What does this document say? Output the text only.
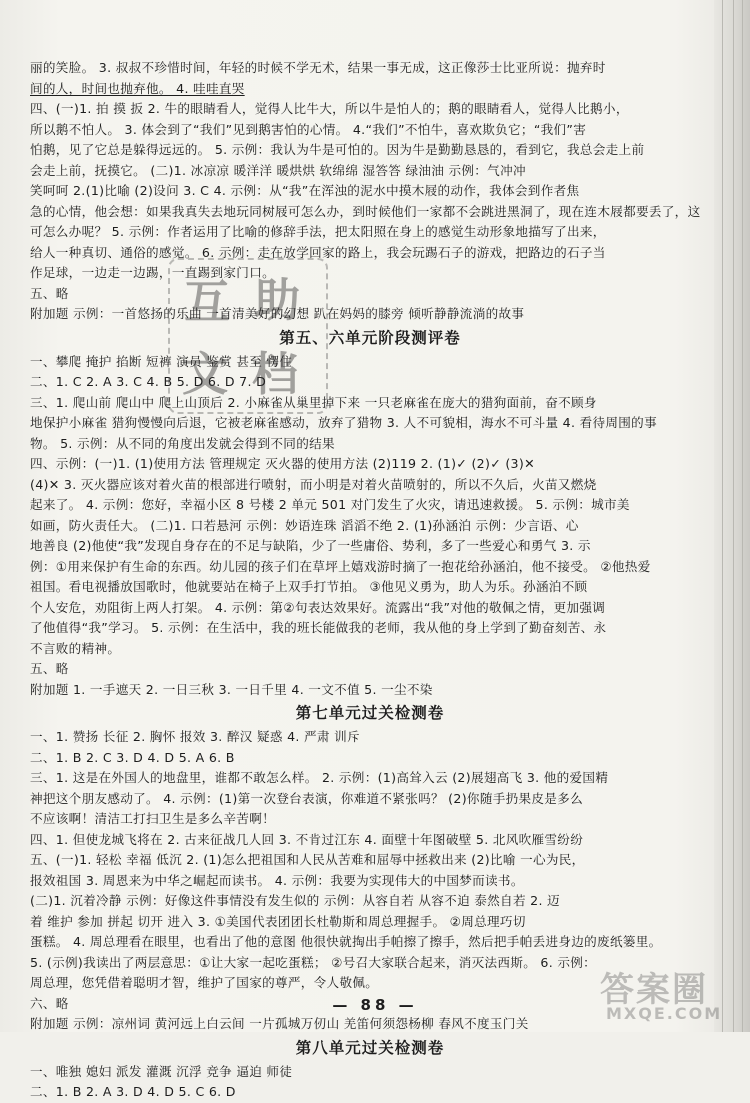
丽的笑脸。 3. 叔叔不珍惜时间，年轻的时候不学无术，结果一事无成，这正像莎士比亚所说：抛弃时
间的人，时间也抛弃他。 4. 哇哇直哭
四、(一)1. 拍 摸 扳 2. 牛的眼睛看人，觉得人比牛大，所以牛是怕人的；鹅的眼睛看人，觉得人比鹅小，
所以鹅不怕人。 3. 体会到了“我们”见到鹅害怕的心情。 4.“我们”不怕牛，喜欢欺负它；“我们”害
怕鹅，见了它总是躲得远远的。 5. 示例：我认为牛是可怕的。因为牛是勤勤恳恳的，看到它，我总会走上前
会走上前，抚摸它。 (二)1. 冰凉凉 暖洋洋 暖烘烘 软绵绵 湿答答 绿油油 示例：气冲冲
笑呵呵 2.(1)比喻 (2)设问 3. C 4. 示例：从“我”在浑浊的泥水中摸木屐的动作，我体会到作者焦
急的心情，他会想：如果我真失去地玩同树屐可怎么办，到时候他们一家都不会跳进黑洞了，现在连木屐都要丢了，这
可怎么办呢？ 5. 示例：作者运用了比喻的修辞手法，把太阳照在身上的感觉生动形象地描写了出来，
给人一种真切、通俗的感觉。 6. 示例：走在放学回家的路上，我会玩踢石子的游戏，把路边的石子当
作足球，一边走一边踢，一直踢到家门口。
五、略
附加题 示例：一首悠扬的乐曲 一首清美好的幻想 趴在妈妈的膝旁 倾听静静流淌的故事
第五、六单元阶段测评卷
一、攀爬 掩护 掐断 短裤 演员 鉴赏 甚至 愣住
二、1. C 2. A 3. C 4. B 5. D 6. D 7. D
三、1. 爬山前 爬山中 爬上山顶后 2. 小麻雀从巢里掉下来 一只老麻雀在庞大的猎狗面前，奋不顾身
地保护小麻雀 猎狗慢慢向后退，它被老麻雀感动，放弃了猎物 3. 人不可貌相，海水不可斗量 4. 看待周围的事
物。 5. 示例：从不同的角度出发就会得到不同的结果
四、示例：(一)1. (1)使用方法 管理规定 灭火器的使用方法 (2)119 2. (1)✓ (2)✓ (3)✕
(4)✕ 3. 灭火器应该对着火苗的根部进行喷射，而小明是对着火苗喷射的，所以不久后，火苗又燃烧
起来了。 4. 示例：您好，幸福小区 8 号楼 2 单元 501 对门发生了火灾，请迅速救援。 5. 示例：城市美
如画，防火责任大。 (二)1. 口若悬河 示例：妙语连珠 滔滔不绝 2. (1)孙涵泊 示例：少言语、心
地善良 (2)他使“我”发现自身存在的不足与缺陷，少了一些庸俗、势利，多了一些爱心和勇气 3. 示
例：①用来保护有生命的东西。幼儿园的孩子们在草坪上嬉戏游时摘了一抱花给孙涵泊，他不接受。 ②他热爱
祖国。看电视播放国歌时，他就要站在椅子上双手打节拍。 ③他见义勇为，助人为乐。孙涵泊不顾
个人安危，劝阻街上两人打架。 4. 示例：第②句表达效果好。流露出“我”对他的敬佩之情，更加强调
了他值得“我”学习。 5. 示例：在生活中，我的班长能做我的老师，我从他的身上学到了勤奋刻苦、永
不言败的精神。
五、略
附加题 1. 一手遮天 2. 一日三秋 3. 一日千里 4. 一文不值 5. 一尘不染
第七单元过关检测卷
一、1. 赞扬 长征 2. 胸怀 报效 3. 醉汉 疑惑 4. 严肃 训斥
二、1. B 2. C 3. D 4. D 5. A 6. B
三、1. 这是在外国人的地盘里，谁都不敢怎么样。 2. 示例：(1)高耸入云 (2)展翅高飞 3. 他的爱国精
神把这个朋友感动了。 4. 示例：(1)第一次登台表演，你难道不紧张吗？ (2)你随手扔果皮是多么
不应该啊！清洁工打扫卫生是多么辛苦啊！
四、1. 但使龙城飞将在 2. 古来征战几人回 3. 不肯过江东 4. 面壁十年图破壁 5. 北风吹雁雪纷纷
五、(一)1. 轻松 幸福 低沉 2. (1)怎么把祖国和人民从苦难和屈辱中拯救出来 (2)比喻 一心为民，
报效祖国 3. 周恩来为中华之崛起而读书。 4. 示例：我要为实现伟大的中国梦而读书。
(二)1. 沉着冷静 示例：好像这件事情没有发生似的 示例：从容自若 从容不迫 泰然自若 2. 迈
着 维护 参加 拼起 切开 进入 3. ①美国代表团团长杜勒斯和周总理握手。 ②周总理巧切
蛋糕。 4. 周总理看在眼里，也看出了他的意图 他很快就掏出手帕擦了擦手，然后把手帕丢进身边的废纸篓里。
5. (示例)我读出了两层意思：①让大家一起吃蛋糕； ②号召大家联合起来，消灭法西斯。 6. 示例：
周总理，您凭借着聪明才智，维护了国家的尊严，令人敬佩。
六、略
附加题 示例：凉州词 黄河远上白云间 一片孤城万仞山 羌笛何须怨杨柳 春风不度玉门关
第八单元过关检测卷
一、唯独 媳妇 派发 灌溉 沉浮 竞争 逼迫 师徒
二、1. B 2. A 3. D 4. D 5. C 6. D
互 助
文 档
— 88 —	答案圈
MXQE.COM
